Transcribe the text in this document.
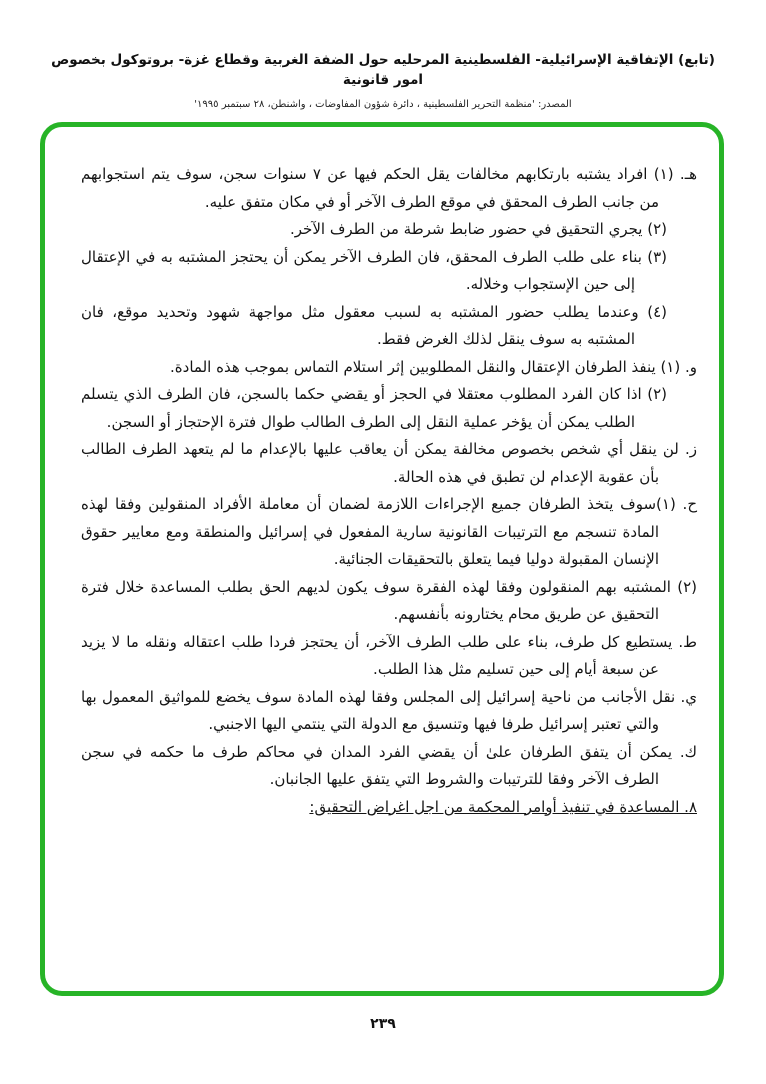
(تابع) الإتفاقية الإسرائيلية- الفلسطينية المرحليه حول الضفة الغربية وقطاع غزة- بروتوكول بخصوص امور قانونية
المصدر: 'منظمة التحرير الفلسطينية ، دائرة شؤون المفاوضات ، واشنطن، ٢٨ سبتمبر ١٩٩٥'

هـ. (١) افراد يشتبه بارتكابهم مخالفات يقل الحكم فيها عن ٧ سنوات سجن، سوف يتم استجوابهم من جانب الطرف المحقق في موقع الطرف الآخر أو في مكان متفق عليه.

(٢) يجري التحقيق في حضور ضابط شرطة من الطرف الآخر.

(٣) بناء على طلب الطرف المحقق، فان الطرف الآخر يمكن أن يحتجز المشتبه به في الإعتقال إلى حين الإستجواب وخلاله.

(٤) وعندما يطلب حضور المشتبه به لسبب معقول مثل مواجهة شهود وتحديد موقع، فان المشتبه به سوف ينقل لذلك الغرض فقط.

و. (١) ينفذ الطرفان الإعتقال والنقل المطلوبين إثر استلام التماس بموجب هذه المادة.

(٢) اذا كان الفرد المطلوب معتقلا في الحجز أو يقضي حكما بالسجن، فان الطرف الذي يتسلم الطلب يمكن أن يؤخر عملية النقل إلى الطرف الطالب طوال فترة الإحتجاز أو السجن.

ز. لن ينقل أي شخص بخصوص مخالفة يمكن أن يعاقب عليها بالإعدام ما لم يتعهد الطرف الطالب بأن عقوبة الإعدام لن تطبق في هذه الحالة.

ح. (١)سوف يتخذ الطرفان جميع الإجراءات اللازمة لضمان أن معاملة الأفراد المنقولين وفقا لهذه المادة تنسجم مع الترتيبات القانونية سارية المفعول في إسرائيل والمنطقة ومع معايير حقوق الإنسان المقبولة دوليا فيما يتعلق بالتحقيقات الجنائية.

(٢) المشتبه بهم المنقولون وفقا لهذه الفقرة سوف يكون لديهم الحق بطلب المساعدة خلال فترة التحقيق عن طريق محام يختارونه بأنفسهم.

ط. يستطيع كل طرف، بناء على طلب الطرف الآخر، أن يحتجز فردا طلب اعتقاله ونقله ما لا يزيد عن سبعة أيام إلى حين تسليم مثل هذا الطلب.

ي. نقل الأجانب من ناحية إسرائيل إلى المجلس وفقا لهذه المادة سوف يخضع للمواثيق المعمول بها والتي تعتبر إسرائيل طرفا فيها وتنسيق مع الدولة التي ينتمي اليها الاجنبي.

ك. يمكن أن يتفق الطرفان علىٰ أن يقضي الفرد المدان في محاكم طرف ما حكمه في سجن الطرف الآخر وفقا للترتيبات والشروط التي يتفق عليها الجانبان.

٨. المساعدة في تنفيذ أوامر المحكمة من اجل اغراض التحقيق:

٢٣٩
